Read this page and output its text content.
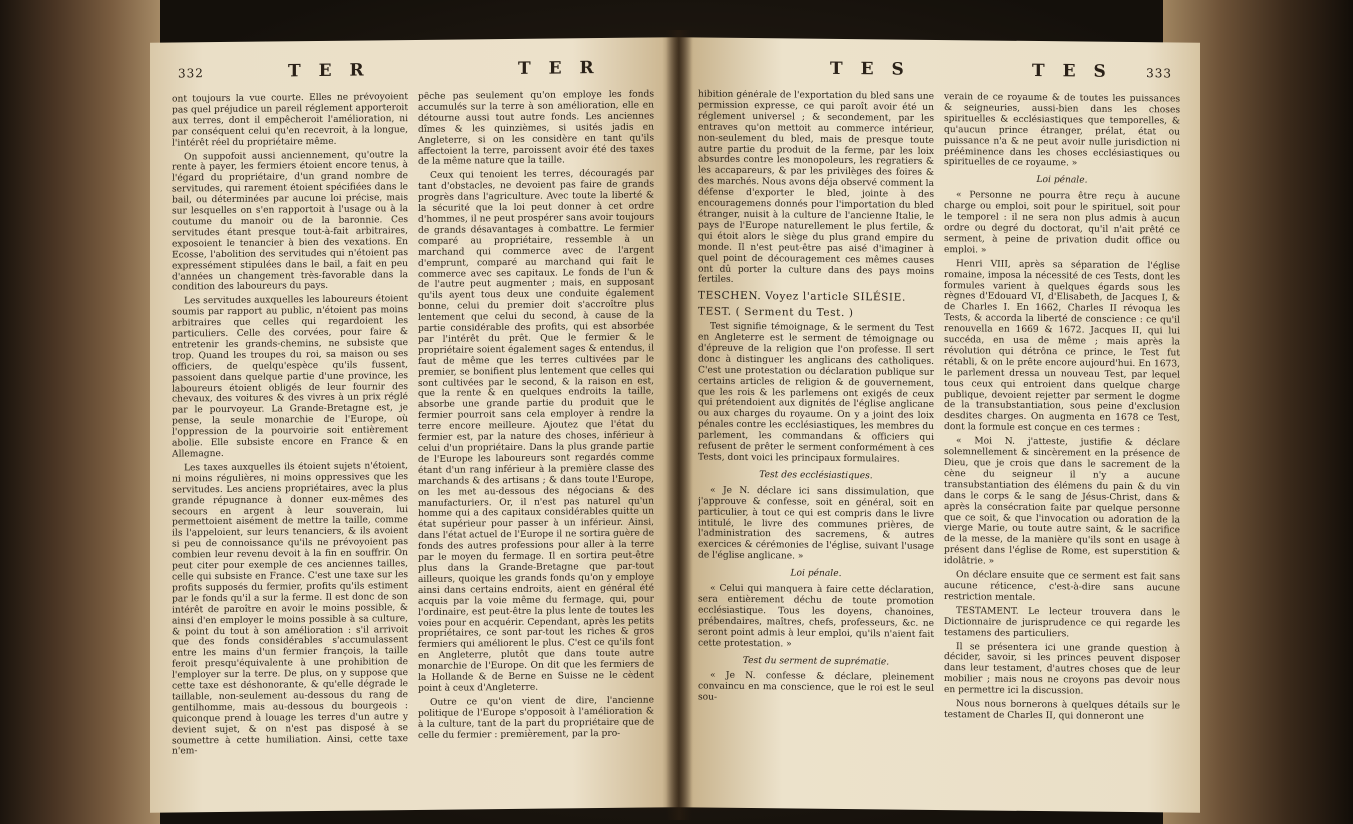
332	T E R	T E R

ont toujours la vue courte. Elles ne prévoyoient pas quel préjudice un pareil réglement apporteroit aux terres, dont il empêcheroit l'amélioration, ni par conséquent celui qu'en recevroit, à la longue, l'intérêt réel du propriétaire même.

On suppofoit aussi anciennement, qu'outre la rente à payer, les fermiers étoient encore tenus, à l'égard du propriétaire, d'un grand nombre de servitudes, qui rarement étoient spécifiées dans le bail, ou déterminées par aucune loi précise, mais sur lesquelles on s'en rapportoit à l'usage ou à la coutume du manoir ou de la baronnie. Ces servitudes étant presque tout-à-fait arbitraires, exposoient le tenancier à bien des vexations. En Ecosse, l'abolition des servitudes qui n'étoient pas expressément stipulées dans le bail, a fait en peu d'années un changement très-favorable dans la condition des laboureurs du pays.

Les servitudes auxquelles les laboureurs étoient soumis par rapport au public, n'étoient pas moins arbitraires que celles qui regardoient les particuliers. Celle des corvées, pour faire & entretenir les grands-chemins, ne subsiste que trop. Quand les troupes du roi, sa maison ou ses officiers, de quelqu'espèce qu'ils fussent, passoient dans quelque partie d'une province, les laboureurs étoient obligés de leur fournir des chevaux, des voitures & des vivres à un prix réglé par le pourvoyeur. La Grande-Bretagne est, je pense, la seule monarchie de l'Europe, où l'oppression de la pourvoirie soit entièrement abolie. Elle subsiste encore en France & en Allemagne.

Les taxes auxquelles ils étoient sujets n'étoient, ni moins régulières, ni moins oppressives que les servitudes. Les anciens propriétaires, avec la plus grande répugnance à donner eux-mêmes des secours en argent à leur souverain, lui permettoient aisément de mettre la taille, comme ils l'appeloient, sur leurs tenanciers, & ils avoient si peu de connoissance qu'ils ne prévoyoient pas combien leur revenu devoit à la fin en souffrir. On peut citer pour exemple de ces anciennes tailles, celle qui subsiste en France. C'est une taxe sur les profits supposés du fermier, profits qu'ils estiment par le fonds qu'il a sur la ferme. Il est donc de son intérêt de paroître en avoir le moins possible, & ainsi d'en employer le moins possible à sa culture, & point du tout à son amélioration : s'il arrivoit que des fonds considérables s'accumulassent entre les mains d'un fermier françois, la taille feroit presqu'équivalente à une prohibition de l'employer sur la terre. De plus, on y suppose que cette taxe est déshonorante, & qu'elle dégrade le taillable, non-seulement au-dessous du rang de gentilhomme, mais au-dessous du bourgeois : quiconque prend à louage les terres d'un autre y devient sujet, & on n'est pas disposé à se soumettre à cette humiliation. Ainsi, cette taxe n'em-

pêche pas seulement qu'on employe les fonds accumulés sur la terre à son amélioration, elle en détourne aussi tout autre fonds. Les anciennes dîmes & les quinzièmes, si usités jadis en Angleterre, si on les considère en tant qu'ils affectoient la terre, paroissent avoir été des taxes de la même nature que la taille.

Ceux qui tenoient les terres, découragés par tant d'obstacles, ne devoient pas faire de grands progrès dans l'agriculture. Avec toute la liberté & la sécurité que la loi peut donner à cet ordre d'hommes, il ne peut prospérer sans avoir toujours de grands désavantages à combattre. Le fermier comparé au propriétaire, ressemble à un marchand qui commerce avec de l'argent d'emprunt, comparé au marchand qui fait le commerce avec ses capitaux. Le fonds de l'un & de l'autre peut augmenter ; mais, en supposant qu'ils ayent tous deux une conduite également bonne, celui du premier doit s'accroître plus lentement que celui du second, à cause de la partie considérable des profits, qui est absorbée par l'intérêt du prêt. Que le fermier & le propriétaire soient également sages & entendus, il faut de même que les terres cultivées par le premier, se bonifient plus lentement que celles qui sont cultivées par le second, & la raison en est, que la rente & en quelques endroits la taille, absorbe une grande partie du produit que le fermier pourroit sans cela employer à rendre la terre encore meilleure. Ajoutez que l'état du fermier est, par la nature des choses, inférieur à celui d'un propriétaire. Dans la plus grande partie de l'Europe les laboureurs sont regardés comme étant d'un rang inférieur à la première classe des marchands & des artisans ; & dans toute l'Europe, on les met au-dessous des négocians & des manufacturiers. Or, il n'est pas naturel qu'un homme qui a des capitaux considérables quitte un état supérieur pour passer à un inférieur. Ainsi, dans l'état actuel de l'Europe il ne sortira guère de fonds des autres professions pour aller à la terre par le moyen du fermage. Il en sortira peut-être plus dans la Grande-Bretagne que par-tout ailleurs, quoique les grands fonds qu'on y employe ainsi dans certains endroits, aient en général été acquis par la voie même du fermage, qui, pour l'ordinaire, est peut-être la plus lente de toutes les voies pour en acquérir. Cependant, après les petits propriétaires, ce sont par-tout les riches & gros fermiers qui améliorent le plus. C'est ce qu'ils font en Angleterre, plutôt que dans toute autre monarchie de l'Europe. On dit que les fermiers de la Hollande & de Berne en Suisse ne le cèdent point à ceux d'Angleterre.

Outre ce qu'on vient de dire, l'ancienne politique de l'Europe s'opposoit à l'amélioration & à la culture, tant de la part du propriétaire que de celle du fermier : premièrement, par la pro-

T E S	T E S	333

hibition générale de l'exportation du bled sans une permission expresse, ce qui paroît avoir été un réglement universel ; & secondement, par les entraves qu'on mettoit au commerce intérieur, non-seulement du bled, mais de presque toute autre partie du produit de la ferme, par les loix absurdes contre les monopoleurs, les regratiers & les accapareurs, & par les privilèges des foires & des marchés. Nous avons déja observé comment la défense d'exporter le bled, jointe à des encouragemens donnés pour l'importation du bled étranger, nuisit à la culture de l'ancienne Italie, le pays de l'Europe naturellement le plus fertile, & qui étoit alors le siège du plus grand empire du monde. Il n'est peut-être pas aisé d'imaginer à quel point de découragement ces mêmes causes ont dû porter la culture dans des pays moins fertiles.

TESCHEN. Voyez l'article SILÉSIE.

TEST. ( Serment du Test. )

Test signifie témoignage, & le serment du Test en Angleterre est le serment de témoignage ou d'épreuve de la religion que l'on professe. Il sert donc à distinguer les anglicans des catholiques. C'est une protestation ou déclaration publique sur certains articles de religion & de gouvernement, que les rois & les parlemens ont exigés de ceux qui prétendoient aux dignités de l'église anglicane ou aux charges du royaume. On y a joint des loix pénales contre les ecclésiastiques, les membres du parlement, les commandans & officiers qui refusent de prêter le serment conformément à ces Tests, dont voici les principaux formulaires.

Test des ecclésiastiques.

« Je N. déclare ici sans dissimulation, que j'approuve & confesse, soit en général, soit en particulier, à tout ce qui est compris dans le livre intitulé, le livre des communes prières, de l'administration des sacremens, & autres exercices & cérémonies de l'église, suivant l'usage de l'église anglicane. »

Loi pénale.

« Celui qui manquera à faire cette déclaration, sera entièrement déchu de toute promotion ecclésiastique. Tous les doyens, chanoines, prébendaires, maîtres, chefs, professeurs, &c. ne seront point admis à leur emploi, qu'ils n'aient fait cette protestation. »

Test du serment de suprématie.

« Je N. confesse & déclare, pleinement convaincu en ma conscience, que le roi est le seul sou-

verain de ce royaume & de toutes les puissances & seigneuries, aussi-bien dans les choses spirituelles & ecclésiastiques que temporelles, & qu'aucun prince étranger, prélat, état ou puissance n'a & ne peut avoir nulle jurisdiction ni prééminence dans les choses ecclésiastiques ou spirituelles de ce royaume. »

Loi pénale.

« Personne ne pourra être reçu à aucune charge ou emploi, soit pour le spirituel, soit pour le temporel : il ne sera non plus admis à aucun ordre ou degré du doctorat, qu'il n'ait prêté ce serment, à peine de privation dudit office ou emploi. »

Henri VIII, après sa séparation de l'église romaine, imposa la nécessité de ces Tests, dont les formules varient à quelques égards sous les règnes d'Edouard VI, d'Elisabeth, de Jacques I, & de Charles I. En 1662, Charles II révoqua les Tests, & accorda la liberté de conscience : ce qu'il renouvella en 1669 & 1672. Jacques II, qui lui succéda, en usa de même ; mais après la révolution qui détrôna ce prince, le Test fut rétabli, & on le prête encore aujourd'hui. En 1673, le parlement dressa un nouveau Test, par lequel tous ceux qui entroient dans quelque charge publique, devoient rejetter par serment le dogme de la transubstantiation, sous peine d'exclusion desdites charges. On augmenta en 1678 ce Test, dont la formule est conçue en ces termes :

« Moi N. j'atteste, justifie & déclare solemnellement & sincèrement en la présence de Dieu, que je crois que dans le sacrement de la cène du seigneur il n'y a aucune transubstantiation des élémens du pain & du vin dans le corps & le sang de Jésus-Christ, dans & après la consécration faite par quelque personne que ce soit, & que l'invocation ou adoration de la vierge Marie, ou toute autre saint, & le sacrifice de la messe, de la manière qu'ils sont en usage à présent dans l'église de Rome, est superstition & idolâtrie. »

On déclare ensuite que ce serment est fait sans aucune réticence, c'est-à-dire sans aucune restriction mentale.

TESTAMENT. Le lecteur trouvera dans le Dictionnaire de jurisprudence ce qui regarde les testamens des particuliers.

Il se présentera ici une grande question à décider, savoir, si les princes peuvent disposer dans leur testament, d'autres choses que de leur mobilier ; mais nous ne croyons pas devoir nous en permettre ici la discussion.

Nous nous bornerons à quelques détails sur le testament de Charles II, qui donneront une
